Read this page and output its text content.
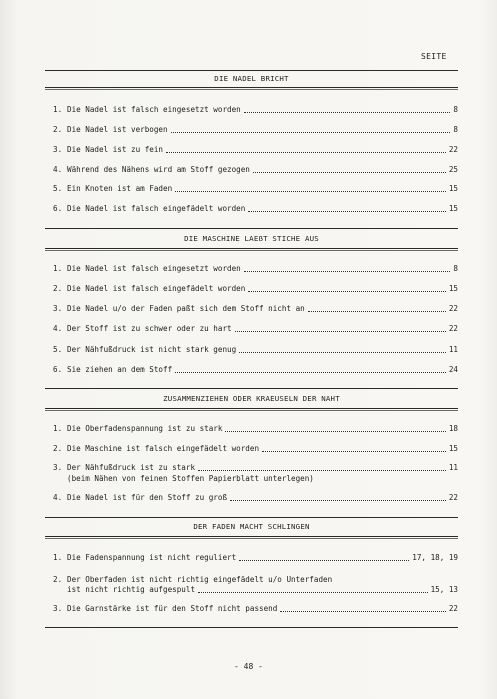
SEITE
DIE NADEL BRICHT
1. Die Nadel ist falsch eingesetzt worden	8
2. Die Nadel ist verbogen	8
3. Die Nadel ist zu fein	22
4. Während des Nähens wird am Stoff gezogen	25
5. Ein Knoten ist am Faden	15
6. Die Nadel ist falsch eingefädelt worden	15
DIE MASCHINE LAEẞT STICHE AUS
1. Die Nadel ist falsch eingesetzt worden	8
2. Die Nadel ist falsch eingefädelt worden	15
3. Die Nadel u/o der Faden paßt sich dem Stoff nicht an	22
4. Der Stoff ist zu schwer oder zu hart	22
5. Der Nähfußdruck ist nicht stark genug	11
6. Sie ziehen an dem Stoff	24
ZUSAMMENZIEHEN ODER KRAEUSELN DER NAHT
1. Die Oberfadenspannung ist zu stark	18
2. Die Maschine ist falsch eingefädelt worden	15
3. Der Nähfußdruck ist zu stark	11
(beim Nähen von feinen Stoffen Papierblatt unterlegen)
4. Die Nadel ist für den Stoff zu groß	22
DER FADEN MACHT SCHLINGEN
1. Die Fadenspannung ist nicht reguliert	17, 18, 19
2. Der Oberfaden ist nicht richtig eingefädelt u/o Unterfaden
ist nicht richtig aufgespult	15, 13
3. Die Garnstärke ist für den Stoff nicht passend	22
- 48 -
